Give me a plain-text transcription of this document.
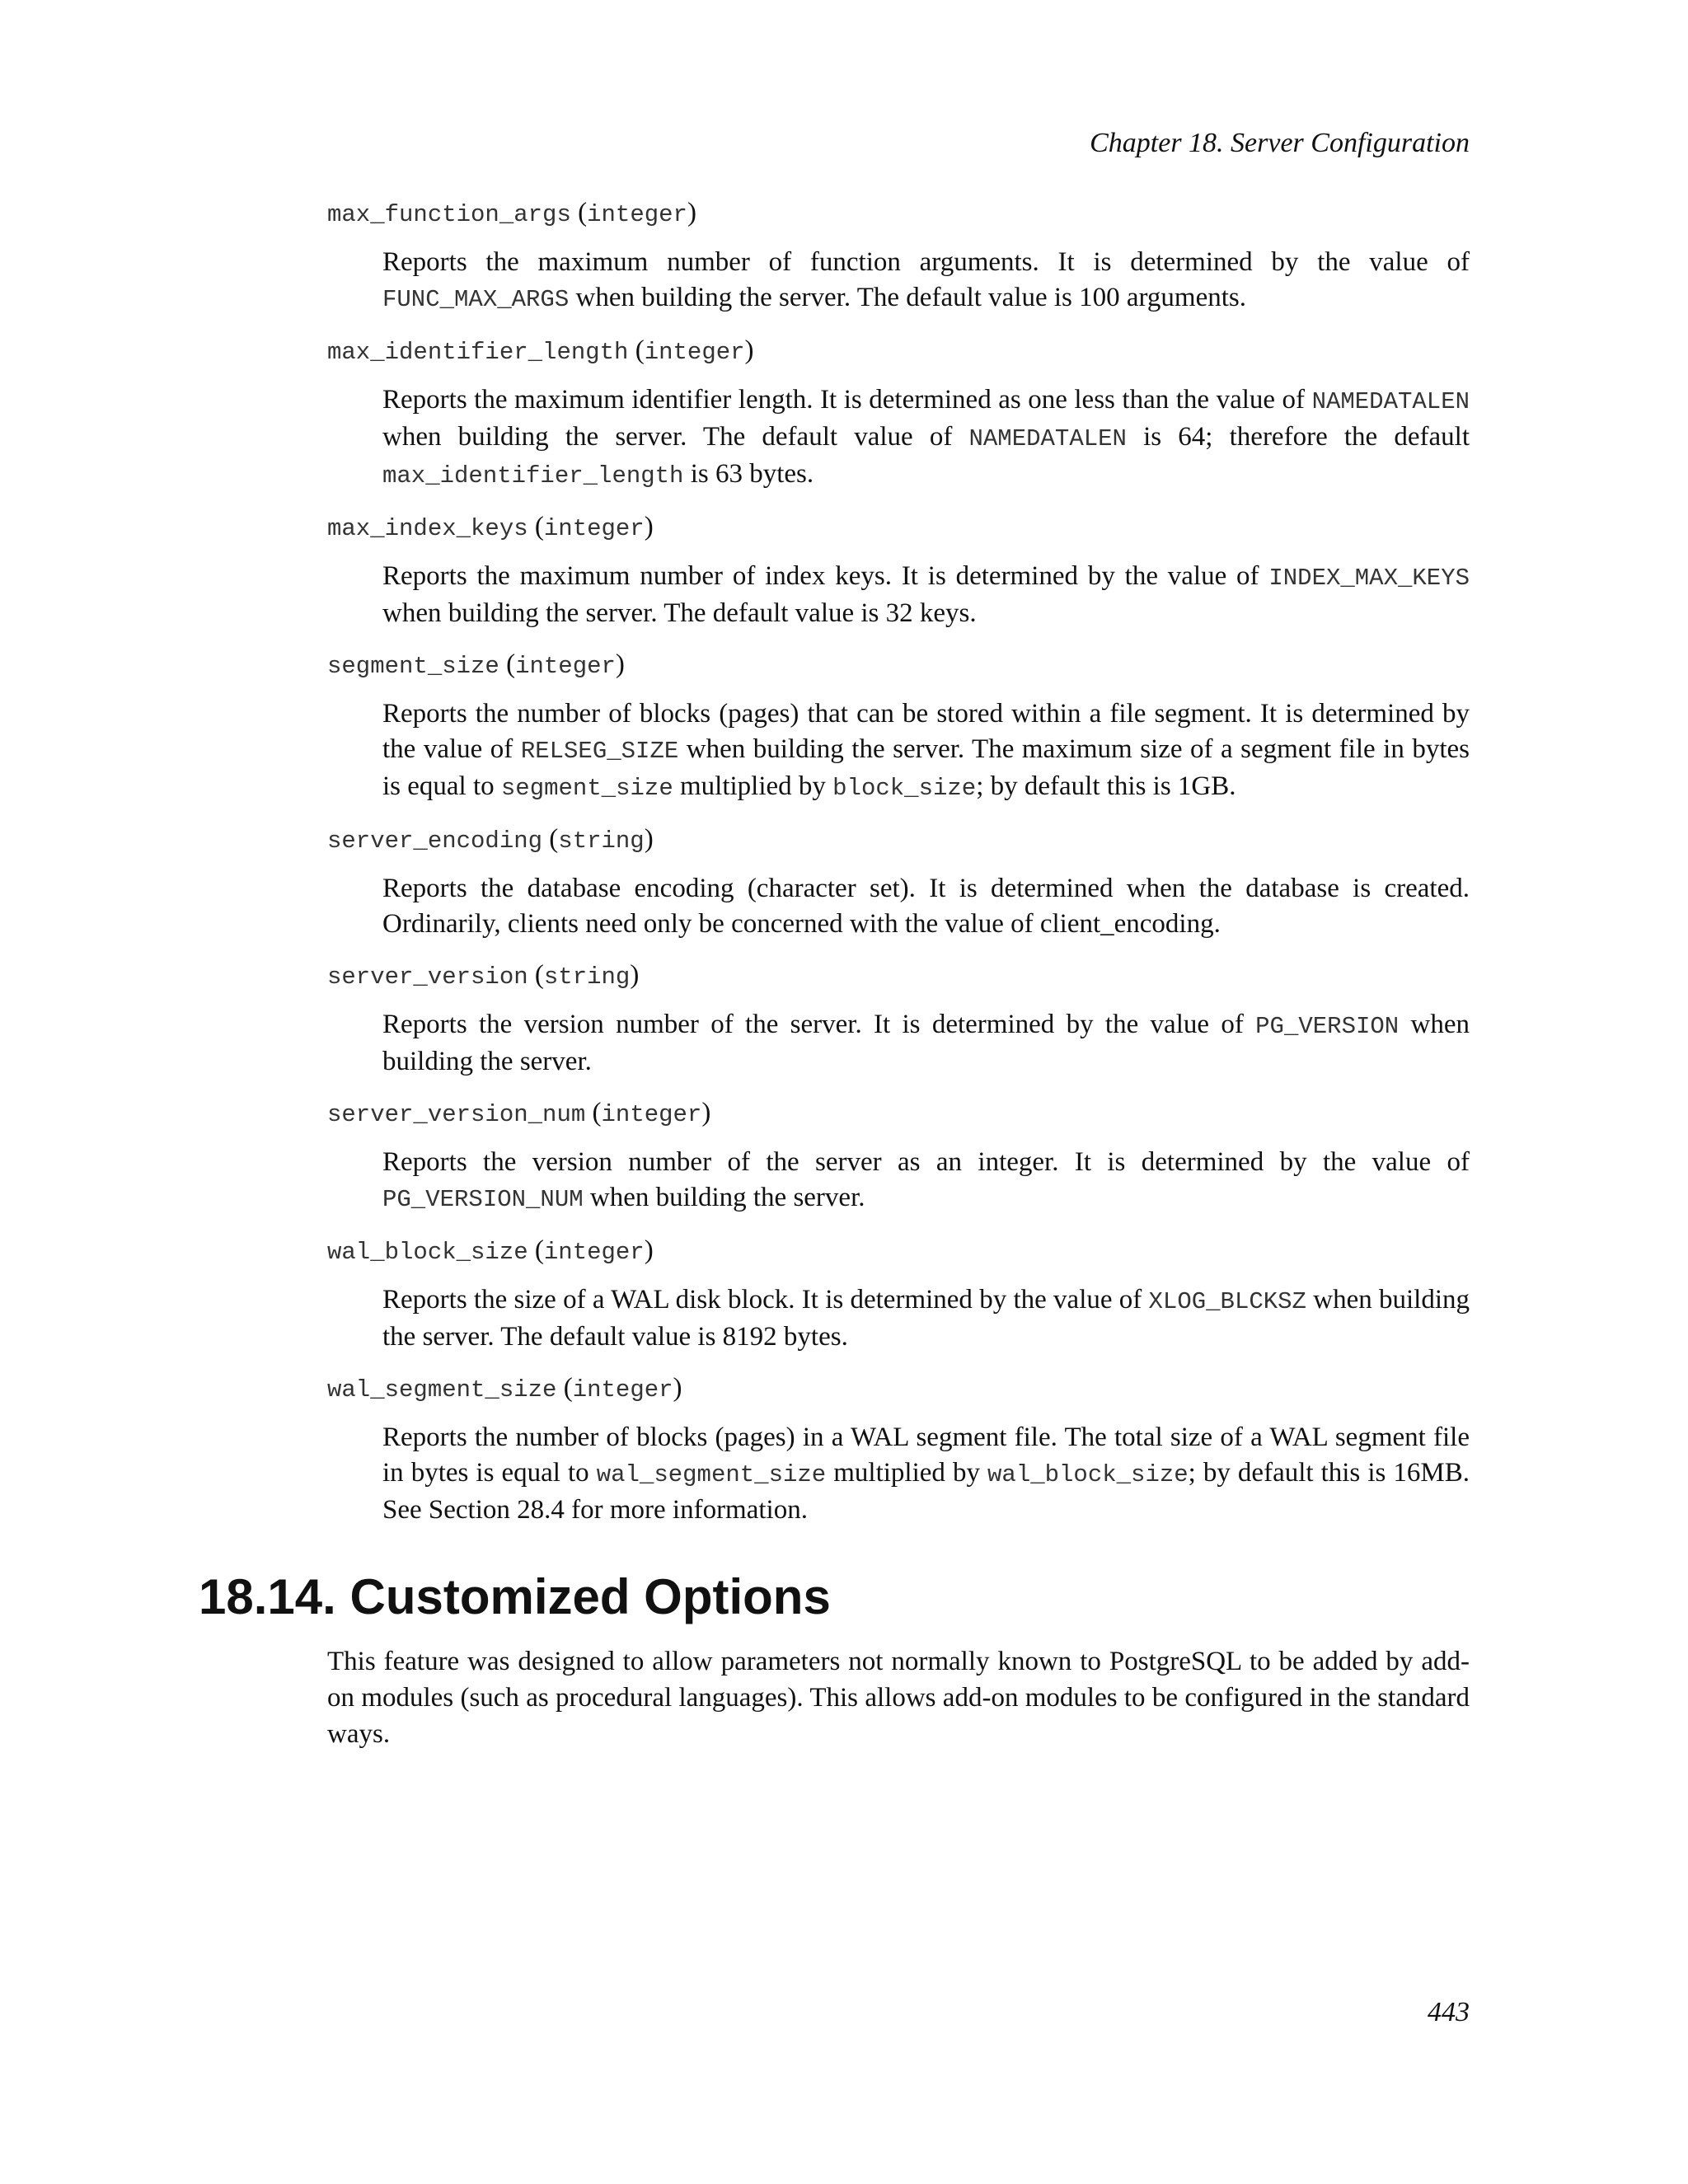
Chapter 18. Server Configuration
max_function_args (integer)

Reports the maximum number of function arguments. It is determined by the value of FUNC_MAX_ARGS when building the server. The default value is 100 arguments.

max_identifier_length (integer)

Reports the maximum identifier length. It is determined as one less than the value of NAMEDATALEN when building the server. The default value of NAMEDATALEN is 64; therefore the default max_identifier_length is 63 bytes.

max_index_keys (integer)

Reports the maximum number of index keys. It is determined by the value of INDEX_MAX_KEYS when building the server. The default value is 32 keys.

segment_size (integer)

Reports the number of blocks (pages) that can be stored within a file segment. It is determined by the value of RELSEG_SIZE when building the server. The maximum size of a segment file in bytes is equal to segment_size multiplied by block_size; by default this is 1GB.

server_encoding (string)

Reports the database encoding (character set). It is determined when the database is created. Ordinarily, clients need only be concerned with the value of client_encoding.

server_version (string)

Reports the version number of the server. It is determined by the value of PG_VERSION when building the server.

server_version_num (integer)

Reports the version number of the server as an integer. It is determined by the value of PG_VERSION_NUM when building the server.

wal_block_size (integer)

Reports the size of a WAL disk block. It is determined by the value of XLOG_BLCKSZ when building the server. The default value is 8192 bytes.

wal_segment_size (integer)

Reports the number of blocks (pages) in a WAL segment file. The total size of a WAL segment file in bytes is equal to wal_segment_size multiplied by wal_block_size; by default this is 16MB. See Section 28.4 for more information.

18.14. Customized Options

This feature was designed to allow parameters not normally known to PostgreSQL to be added by add-on modules (such as procedural languages). This allows add-on modules to be configured in the standard ways.

443
